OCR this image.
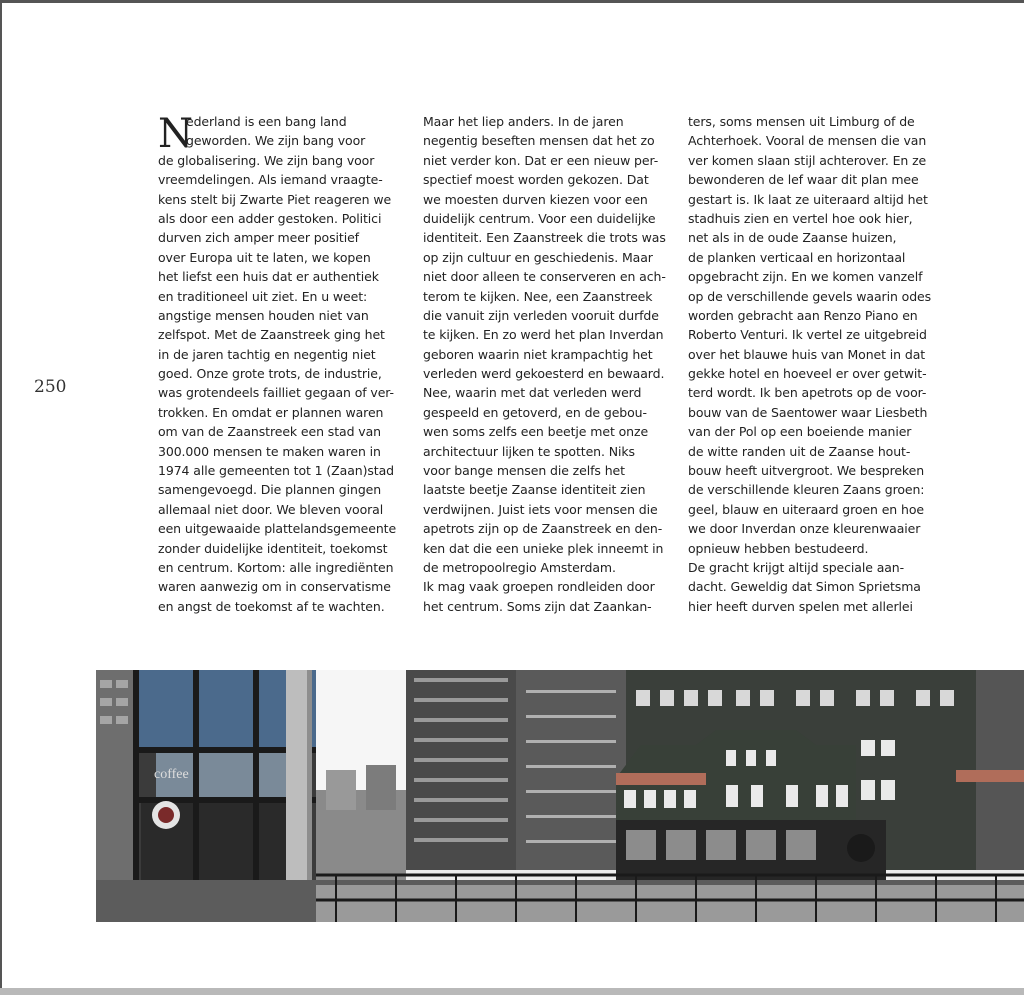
250
N
ederland is een bang land
geworden. We zijn bang voor
de globalisering. We zijn bang voor
vreemdelingen. Als iemand vraagte-
kens stelt bij Zwarte Piet reageren we
als door een adder gestoken. Politici
durven zich amper meer positief
over Europa uit te laten, we kopen
het liefst een huis dat er authentiek
en traditioneel uit ziet. En u weet:
angstige mensen houden niet van
zelfspot. Met de Zaanstreek ging het
in de jaren tachtig en negentig niet
goed. Onze grote trots, de industrie,
was grotendeels failliet gegaan of ver-
trokken. En omdat er plannen waren
om van de Zaanstreek een stad van
300.000 mensen te maken waren in
1974 alle gemeenten tot 1 (Zaan)stad
samengevoegd. Die plannen gingen
allemaal niet door. We bleven vooral
een uitgewaaide plattelandsgemeente
zonder duidelijke identiteit, toekomst
en centrum. Kortom: alle ingrediënten
waren aanwezig om in conservatisme
en angst de toekomst af te wachten.
Maar het liep anders. In de jaren
negentig beseften mensen dat het zo
niet verder kon. Dat er een nieuw per-
spectief moest worden gekozen. Dat
we moesten durven kiezen voor een
duidelijk centrum. Voor een duidelijke
identiteit. Een Zaanstreek die trots was
op zijn cultuur en geschiedenis. Maar
niet door alleen te conserveren en ach-
terom te kijken. Nee, een Zaanstreek
die vanuit zijn verleden vooruit durfde
te kijken. En zo werd het plan Inverdan
geboren waarin niet krampachtig het
verleden werd gekoesterd en bewaard.
Nee, waarin met dat verleden werd
gespeeld en getoverd, en de gebou-
wen soms zelfs een beetje met onze
architectuur lijken te spotten. Niks
voor bange mensen die zelfs het
laatste beetje Zaanse identiteit zien
verdwijnen. Juist iets voor mensen die
apetrots zijn op de Zaanstreek en den-
ken dat die een unieke plek inneemt in
de metropoolregio Amsterdam.
Ik mag vaak groepen rondleiden door
het centrum. Soms zijn dat Zaankan-
ters, soms mensen uit Limburg of de
Achterhoek. Vooral de mensen die van
ver komen slaan stijl achterover. En ze
bewonderen de lef waar dit plan mee
gestart is. Ik laat ze uiteraard altijd het
stadhuis zien en vertel hoe ook hier,
net als in de oude Zaanse huizen,
de planken verticaal en horizontaal
opgebracht zijn. En we komen vanzelf
op de verschillende gevels waarin odes
worden gebracht aan Renzo Piano en
Roberto Venturi. Ik vertel ze uitgebreid
over het blauwe huis van Monet in dat
gekke hotel en hoeveel er over getwit-
terd wordt. Ik ben apetrots op de voor-
bouw van de Saentower waar Liesbeth
van der Pol op een boeiende manier
de witte randen uit de Zaanse hout-
bouw heeft uitvergroot. We bespreken
de verschillende kleuren Zaans groen:
geel, blauw en uiteraard groen en hoe
we door Inverdan onze kleurenwaaier
opnieuw hebben bestudeerd.
De gracht krijgt altijd speciale aan-
dacht. Geweldig dat Simon Sprietsma
hier heeft durven spelen met allerlei
coffee
